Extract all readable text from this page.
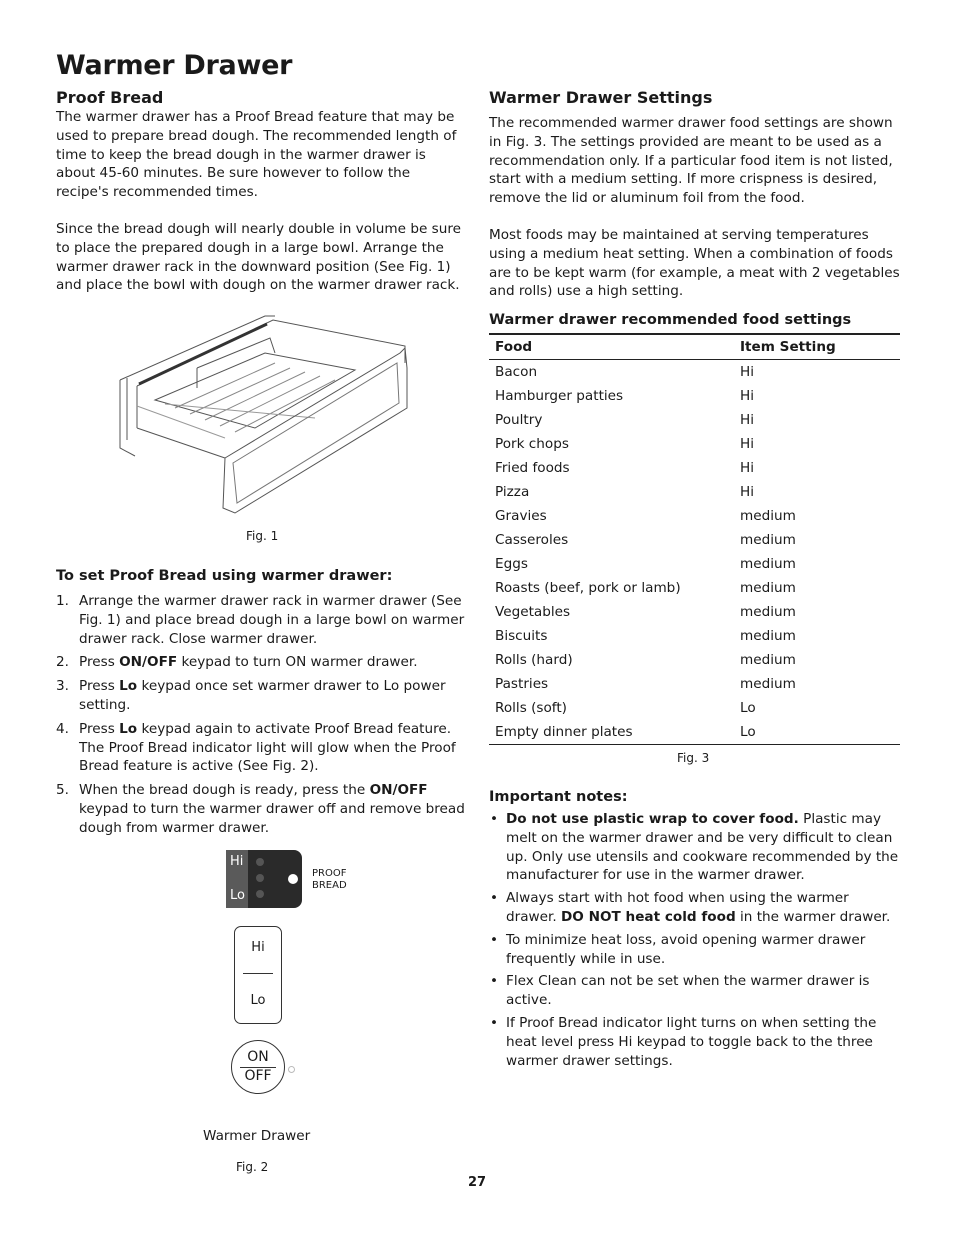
Warmer Drawer
Proof Bread
The warmer drawer has a Proof Bread feature that may be used to prepare bread dough. The recommended length of time to keep the bread dough in the warmer drawer is about 45-60 minutes. Be sure however to follow the recipe's recommended times.
Since the bread dough will nearly double in volume be sure to place the prepared dough in a large bowl. Arrange the warmer drawer rack in the downward position (See Fig. 1) and place the bowl with dough on the warmer drawer rack.
Fig. 1
To set Proof Bread using warmer drawer:
1. Arrange the warmer drawer rack in warmer drawer (See Fig. 1) and place bread dough in a large bowl on warmer drawer rack. Close warmer drawer.
2. Press ON/OFF keypad to turn ON warmer drawer.
3. Press Lo keypad once set warmer drawer to Lo power setting.
4. Press Lo keypad again to activate Proof Bread feature. The Proof Bread indicator light will glow when the Proof Bread feature is active (See Fig. 2).
5. When the bread dough is ready, press the ON/OFF keypad to turn the warmer drawer off and remove bread dough from warmer drawer.
Hi
Lo
PROOF
BREAD
Hi
Lo
ON
OFF
Warmer Drawer
Fig. 2
Warmer Drawer Settings
The recommended warmer drawer food settings are shown in Fig. 3. The settings provided are meant to be used as a recommendation only. If a particular food item is not listed, start with a medium setting. If more crispness is desired, remove the lid or aluminum foil from the food.
Most foods may be maintained at serving temperatures using a medium heat setting. When a combination of foods are to be kept warm (for example, a meat with 2 vegetables and rolls) use a high setting.
Warmer drawer recommended food settings
Food	Item Setting
Bacon	Hi
Hamburger patties	Hi
Poultry	Hi
Pork chops	Hi
Fried foods	Hi
Pizza	Hi
Gravies	medium
Casseroles	medium
Eggs	medium
Roasts (beef, pork or lamb)	medium
Vegetables	medium
Biscuits	medium
Rolls (hard)	medium
Pastries	medium
Rolls (soft)	Lo
Empty dinner plates	Lo
Fig. 3
Important notes:
• Do not use plastic wrap to cover food. Plastic may melt on the warmer drawer and be very difficult to clean up. Only use utensils and cookware recommended by the manufacturer for use in the warmer drawer.
• Always start with hot food when using the warmer drawer. DO NOT heat cold food in the warmer drawer.
• To minimize heat loss, avoid opening warmer drawer frequently while in use.
• Flex Clean can not be set when the warmer drawer is active.
• If Proof Bread indicator light turns on when setting the heat level press Hi keypad to toggle back to the three warmer drawer settings.
27
